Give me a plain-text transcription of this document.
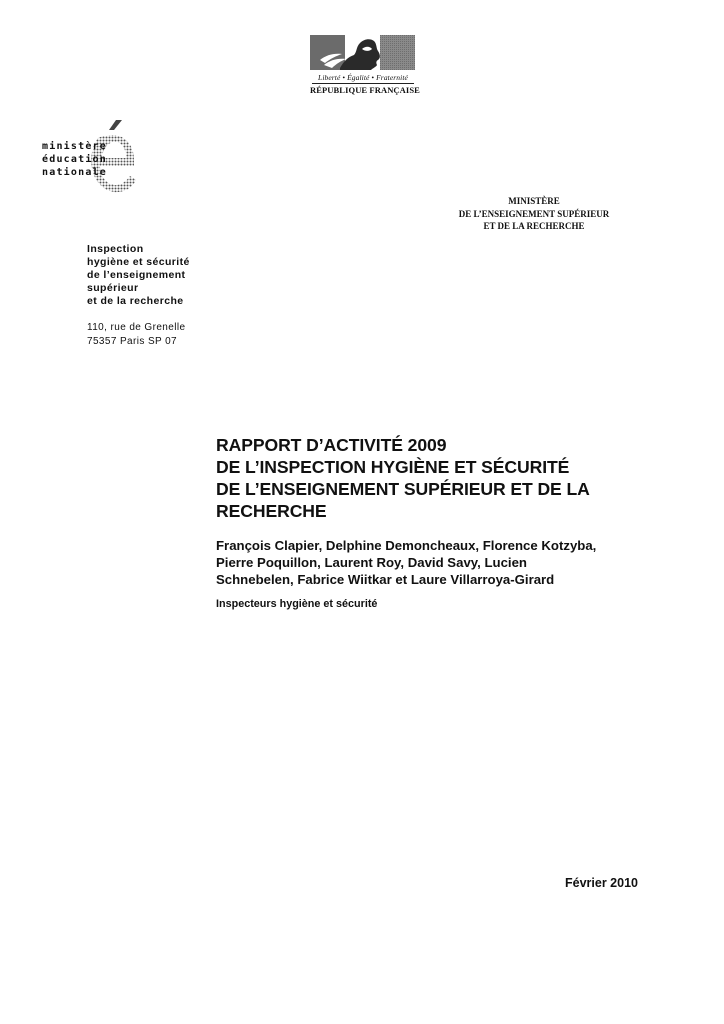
Liberté • Égalité • Fraternité
RÉPUBLIQUE FRANÇAISE
ministère
éducation
nationale
MINISTÈRE
DE L’ENSEIGNEMENT SUPÉRIEUR
ET DE LA RECHERCHE
Inspection
hygiène et sécurité
de l’enseignement
supérieur
et de la recherche
110, rue de Grenelle
75357 Paris SP 07
RAPPORT D’ACTIVITÉ 2009
DE L’INSPECTION HYGIÈNE ET SÉCURITÉ
DE L’ENSEIGNEMENT SUPÉRIEUR ET DE LA
RECHERCHE
François Clapier, Delphine Demoncheaux, Florence Kotzyba,
Pierre Poquillon, Laurent Roy, David Savy, Lucien
Schnebelen, Fabrice Wiitkar et Laure Villarroya-Girard
Inspecteurs hygiène et sécurité
Février 2010
